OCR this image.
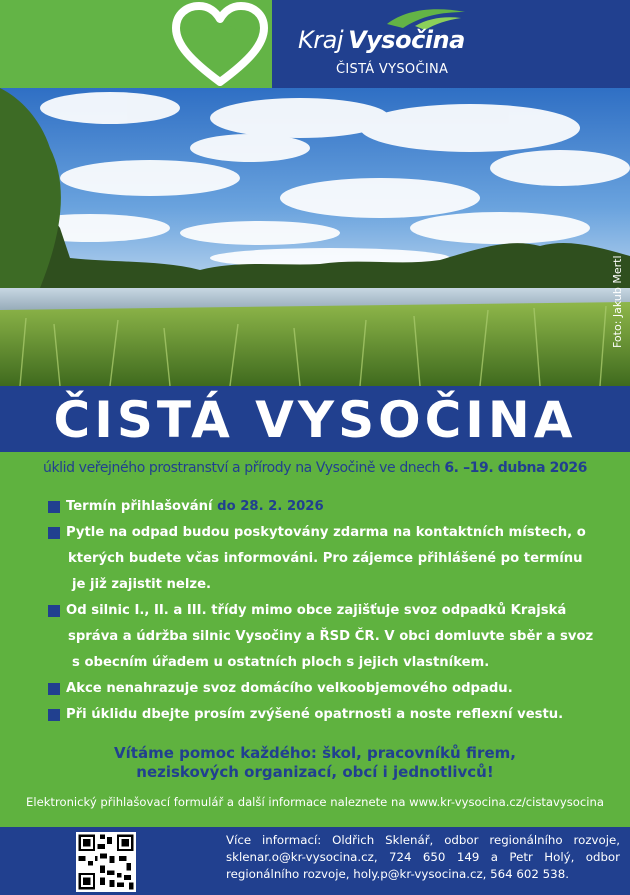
Kraj Vysočina
ČISTÁ VYSOČINA
Foto: Jakub Mertl
ČISTÁ VYSOČINA
úklid veřejného prostranství a přírody na Vysočině ve dnech 6. –19. dubna 2026
Termín přihlašování do 28. 2. 2026
Pytle na odpad budou poskytovány zdarma na kontaktních místech, o
kterých budete včas informováni. Pro zájemce přihlášené po termínu
je již zajistit nelze.
Od silnic I., II. a III. třídy mimo obce zajišťuje svoz odpadků Krajská
správa a údržba silnic Vysočiny a ŘSD ČR. V obci domluvte sběr a svoz
s obecním úřadem u ostatních ploch s jejich vlastníkem.
Akce nenahrazuje svoz domácího velkoobjemového odpadu.
Při úklidu dbejte prosím zvýšené opatrnosti a noste reflexní vestu.
Vítáme pomoc každého: škol, pracovníků firem,
neziskových organizací, obcí i jednotlivců!
Elektronický přihlašovací formulář a další informace naleznete na www.kr-vysocina.cz/cistavysocina
Více informací: Oldřich Sklenář, odbor regionálního rozvoje, sklenar.o@kr-vysocina.cz, 724 650 149 a Petr Holý, odbor regionálního rozvoje, holy.p@kr-vysocina.cz, 564 602 538.
